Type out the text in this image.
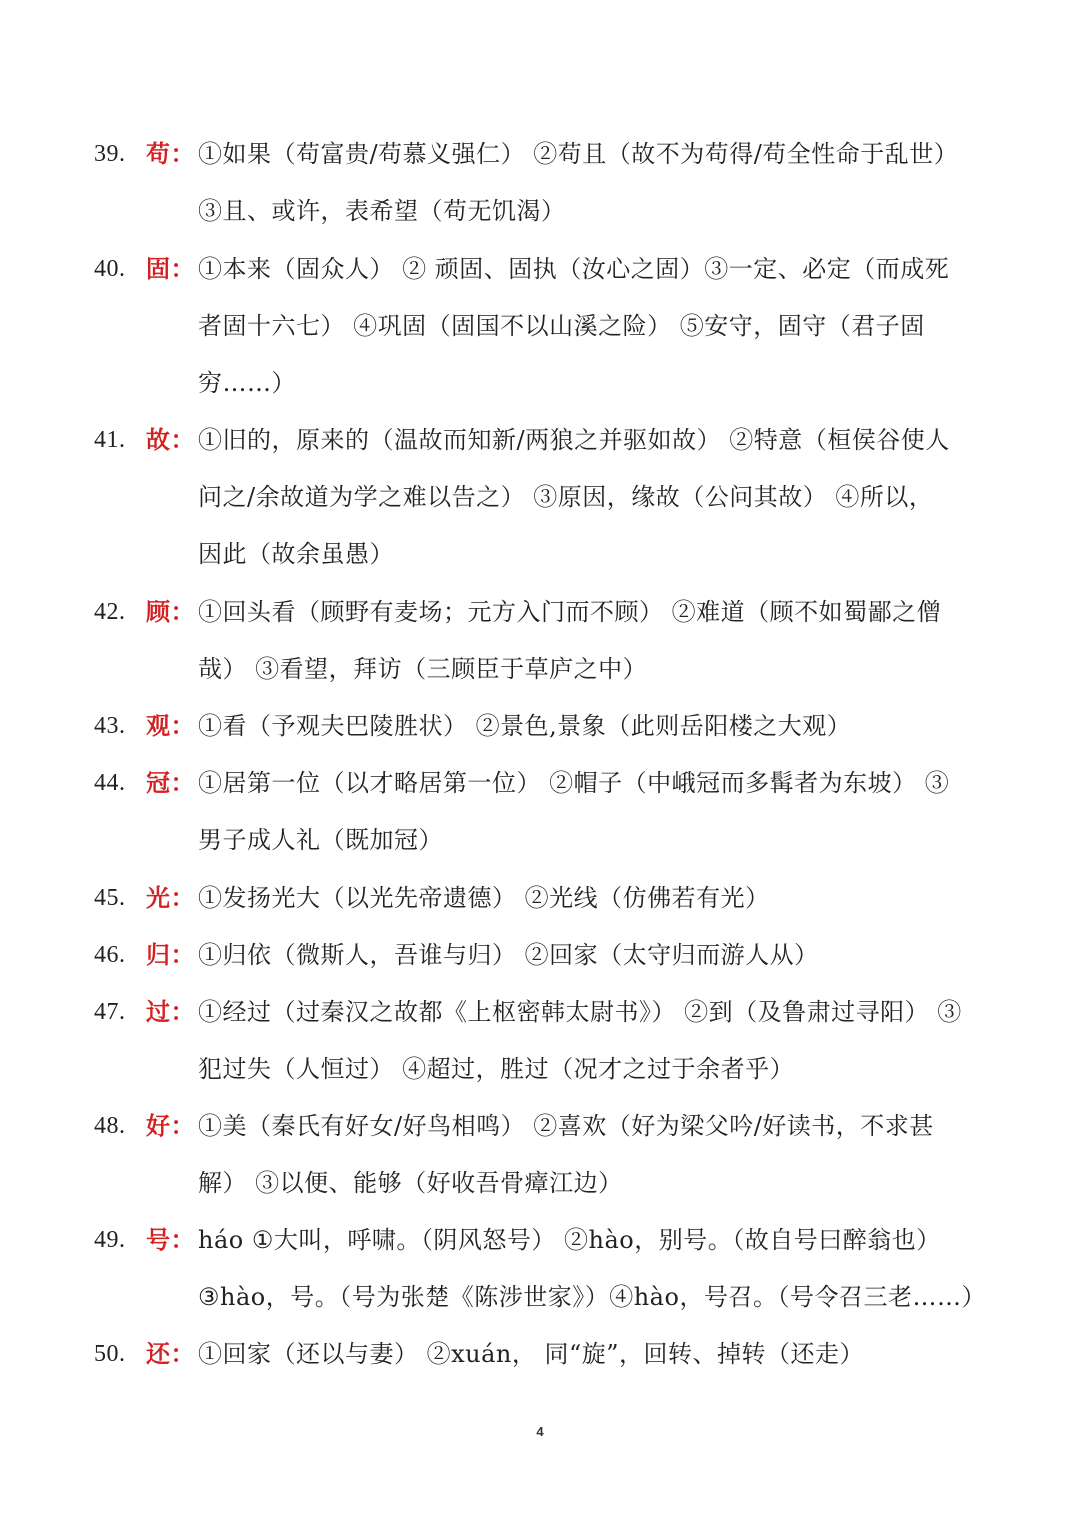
39. 苟： ①如果（苟富贵/苟慕义强仁） ②苟且（故不为苟得/苟全性命于乱世）
③且、或许，表希望（苟无饥渴）
40. 固： ①本来（固众人） ② 顽固、固执（汝心之固）③一定、必定（而成死
者固十六七） ④巩固（固国不以山溪之险） ⑤安守，固守（君子固
穷……）
41. 故： ①旧的，原来的（温故而知新/两狼之并驱如故） ②特意（桓侯谷使人
问之/余故道为学之难以告之） ③原因，缘故（公问其故） ④所以，
因此（故余虽愚）
42. 顾： ①回头看（顾野有麦场；元方入门而不顾） ②难道（顾不如蜀鄙之僧
哉） ③看望，拜访（三顾臣于草庐之中）
43. 观： ①看（予观夫巴陵胜状） ②景色,景象（此则岳阳楼之大观）
44. 冠： ①居第一位（以才略居第一位） ②帽子（中峨冠而多髯者为东坡） ③
男子成人礼（既加冠）
45. 光： ①发扬光大（以光先帝遗德） ②光线（仿佛若有光）
46. 归： ①归依（微斯人，吾谁与归） ②回家（太守归而游人从）
47. 过： ①经过（过秦汉之故都《上枢密韩太尉书》） ②到（及鲁肃过寻阳） ③
犯过失（人恒过） ④超过，胜过（况才之过于余者乎）
48. 好： ①美（秦氏有好女/好鸟相鸣） ②喜欢（好为梁父吟/好读书，不求甚
解） ③以便、能够（好收吾骨瘴江边）
49. 号： háo ①大叫，呼啸。（阴风怒号） ②hào，别号。（故自号曰醉翁也）
③hào，号。（号为张楚《陈涉世家》）④hào，号召。（号令召三老……）
50. 还： ①回家（还以与妻） ②xuán， 同“旋”，回转、掉转（还走）
4
